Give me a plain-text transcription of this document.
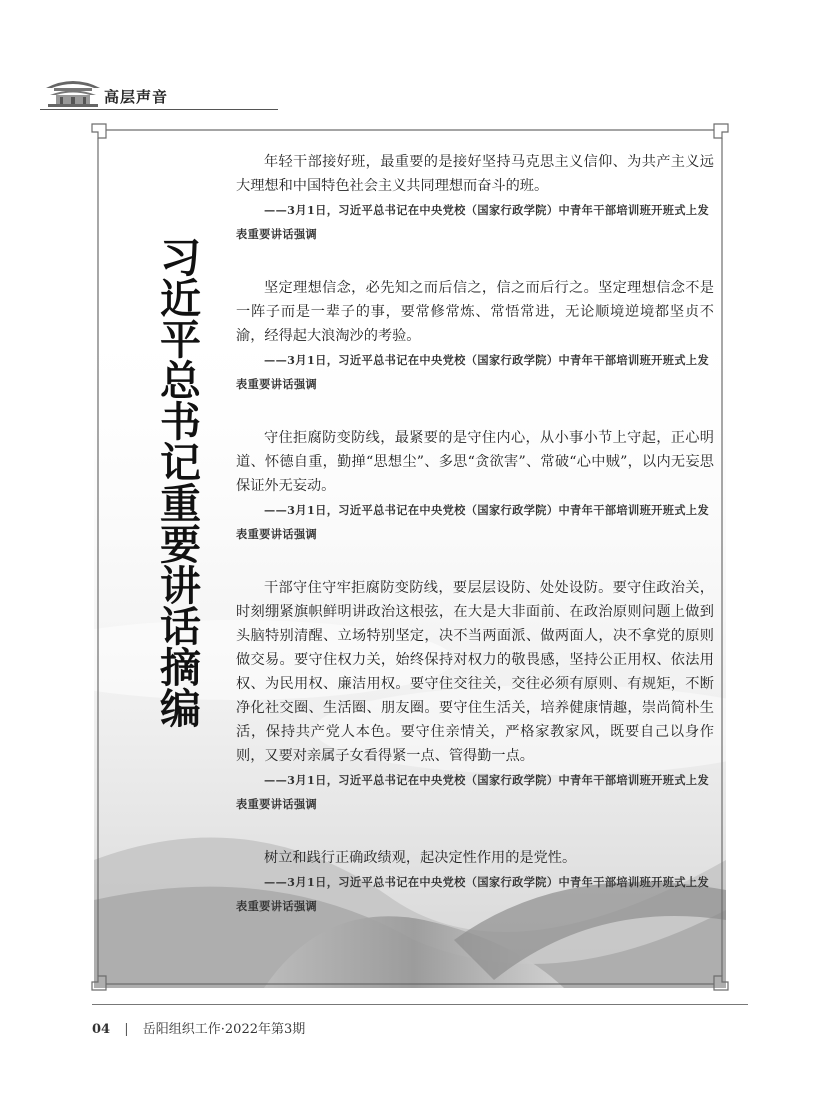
高层声音
习近平总书记重要讲话摘编

年轻干部接好班，最重要的是接好坚持马克思主义信仰、为共产主义远大理想和中国特色社会主义共同理想而奋斗的班。

——3月1日，习近平总书记在中央党校（国家行政学院）中青年干部培训班开班式上发表重要讲话强调

坚定理想信念，必先知之而后信之，信之而后行之。坚定理想信念不是一阵子而是一辈子的事，要常修常炼、常悟常进，无论顺境逆境都坚贞不渝，经得起大浪淘沙的考验。

——3月1日，习近平总书记在中央党校（国家行政学院）中青年干部培训班开班式上发表重要讲话强调

守住拒腐防变防线，最紧要的是守住内心，从小事小节上守起，正心明道、怀德自重，勤掸“思想尘”、多思“贪欲害”、常破“心中贼”，以内无妄思保证外无妄动。

——3月1日，习近平总书记在中央党校（国家行政学院）中青年干部培训班开班式上发表重要讲话强调

干部守住守牢拒腐防变防线，要层层设防、处处设防。要守住政治关，时刻绷紧旗帜鲜明讲政治这根弦，在大是大非面前、在政治原则问题上做到头脑特别清醒、立场特别坚定，决不当两面派、做两面人，决不拿党的原则做交易。要守住权力关，始终保持对权力的敬畏感，坚持公正用权、依法用权、为民用权、廉洁用权。要守住交往关，交往必须有原则、有规矩，不断净化社交圈、生活圈、朋友圈。要守住生活关，培养健康情趣，崇尚简朴生活，保持共产党人本色。要守住亲情关，严格家教家风，既要自己以身作则，又要对亲属子女看得紧一点、管得勤一点。

——3月1日，习近平总书记在中央党校（国家行政学院）中青年干部培训班开班式上发表重要讲话强调

树立和践行正确政绩观，起决定性作用的是党性。

——3月1日，习近平总书记在中央党校（国家行政学院）中青年干部培训班开班式上发表重要讲话强调

04 | 岳阳组织工作·2022年第3期
